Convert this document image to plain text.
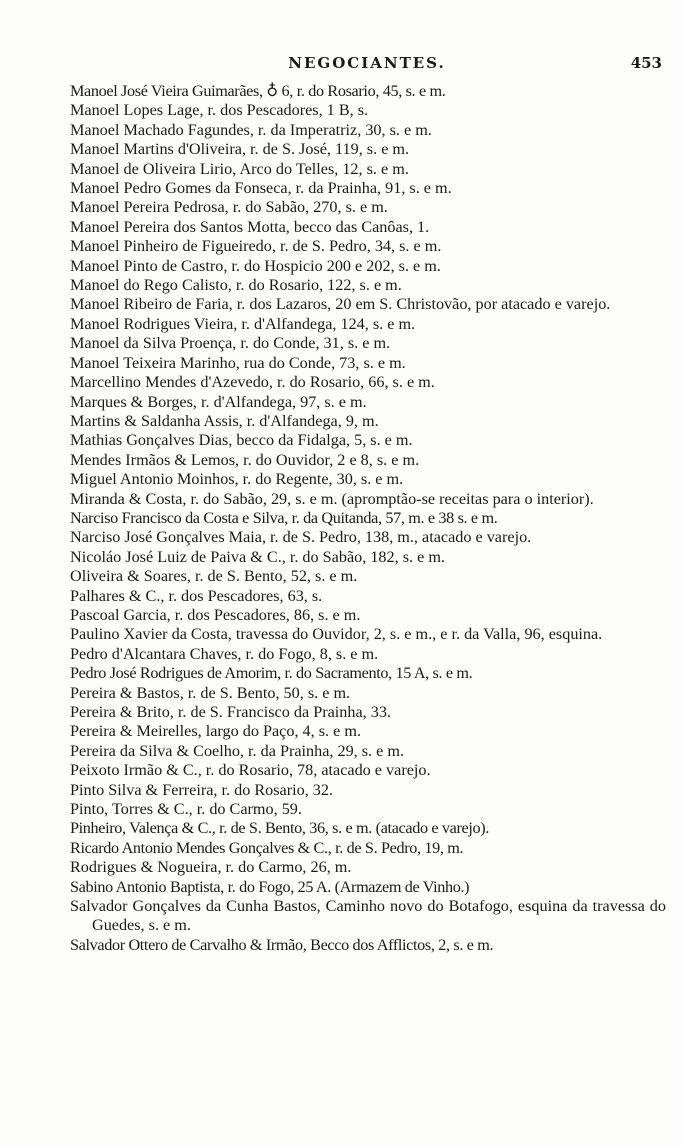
NEGOCIANTES.	453
Manoel José Vieira Guimarães, ♁ 6, r. do Rosario, 45, s. e m.
Manoel Lopes Lage, r. dos Pescadores, 1 B, s.
Manoel Machado Fagundes, r. da Imperatriz, 30, s. e m.
Manoel Martins d'Oliveira, r. de S. José, 119, s. e m.
Manoel de Oliveira Lirio, Arco do Telles, 12, s. e m.
Manoel Pedro Gomes da Fonseca, r. da Prainha, 91, s. e m.
Manoel Pereira Pedrosa, r. do Sabão, 270, s. e m.
Manoel Pereira dos Santos Motta, becco das Canôas, 1.
Manoel Pinheiro de Figueiredo, r. de S. Pedro, 34, s. e m.
Manoel Pinto de Castro, r. do Hospicio 200 e 202, s. e m.
Manoel do Rego Calisto, r. do Rosario, 122, s. e m.
Manoel Ribeiro de Faria, r. dos Lazaros, 20 em S. Christovão, por atacado e varejo.
Manoel Rodrigues Vieira, r. d'Alfandega, 124, s. e m.
Manoel da Silva Proença, r. do Conde, 31, s. e m.
Manoel Teixeira Marinho, rua do Conde, 73, s. e m.
Marcellino Mendes d'Azevedo, r. do Rosario, 66, s. e m.
Marques & Borges, r. d'Alfandega, 97, s. e m.
Martins & Saldanha Assis, r. d'Alfandega, 9, m.
Mathias Gonçalves Dias, becco da Fidalga, 5, s. e m.
Mendes Irmãos & Lemos, r. do Ouvidor, 2 e 8, s. e m.
Miguel Antonio Moinhos, r. do Regente, 30, s. e m.
Miranda & Costa, r. do Sabão, 29, s. e m. (apromptão-se receitas para o interior).
Narciso Francisco da Costa e Silva, r. da Quitanda, 57, m. e 38 s. e m.
Narciso José Gonçalves Maia, r. de S. Pedro, 138, m., atacado e varejo.
Nicoláo José Luiz de Paiva & C., r. do Sabão, 182, s. e m.
Oliveira & Soares, r. de S. Bento, 52, s. e m.
Palhares & C., r. dos Pescadores, 63, s.
Pascoal Garcia, r. dos Pescadores, 86, s. e m.
Paulino Xavier da Costa, travessa do Ouvidor, 2, s. e m., e r. da Valla, 96, esquina.
Pedro d'Alcantara Chaves, r. do Fogo, 8, s. e m.
Pedro José Rodrigues de Amorim, r. do Sacramento, 15 A, s. e m.
Pereira & Bastos, r. de S. Bento, 50, s. e m.
Pereira & Brito, r. de S. Francisco da Prainha, 33.
Pereira & Meirelles, largo do Paço, 4, s. e m.
Pereira da Silva & Coelho, r. da Prainha, 29, s. e m.
Peixoto Irmão & C., r. do Rosario, 78, atacado e varejo.
Pinto Silva & Ferreira, r. do Rosario, 32.
Pinto, Torres & C., r. do Carmo, 59.
Pinheiro, Valença & C., r. de S. Bento, 36, s. e m. (atacado e varejo).
Ricardo Antonio Mendes Gonçalves & C., r. de S. Pedro, 19, m.
Rodrigues & Nogueira, r. do Carmo, 26, m.
Sabino Antonio Baptista, r. do Fogo, 25 A. (Armazem de Vinho.)
Salvador Gonçalves da Cunha Bastos, Caminho novo do Botafogo, esquina da travessa do Guedes, s. e m.
Salvador Ottero de Carvalho & Irmão, Becco dos Afflictos, 2, s. e m.
